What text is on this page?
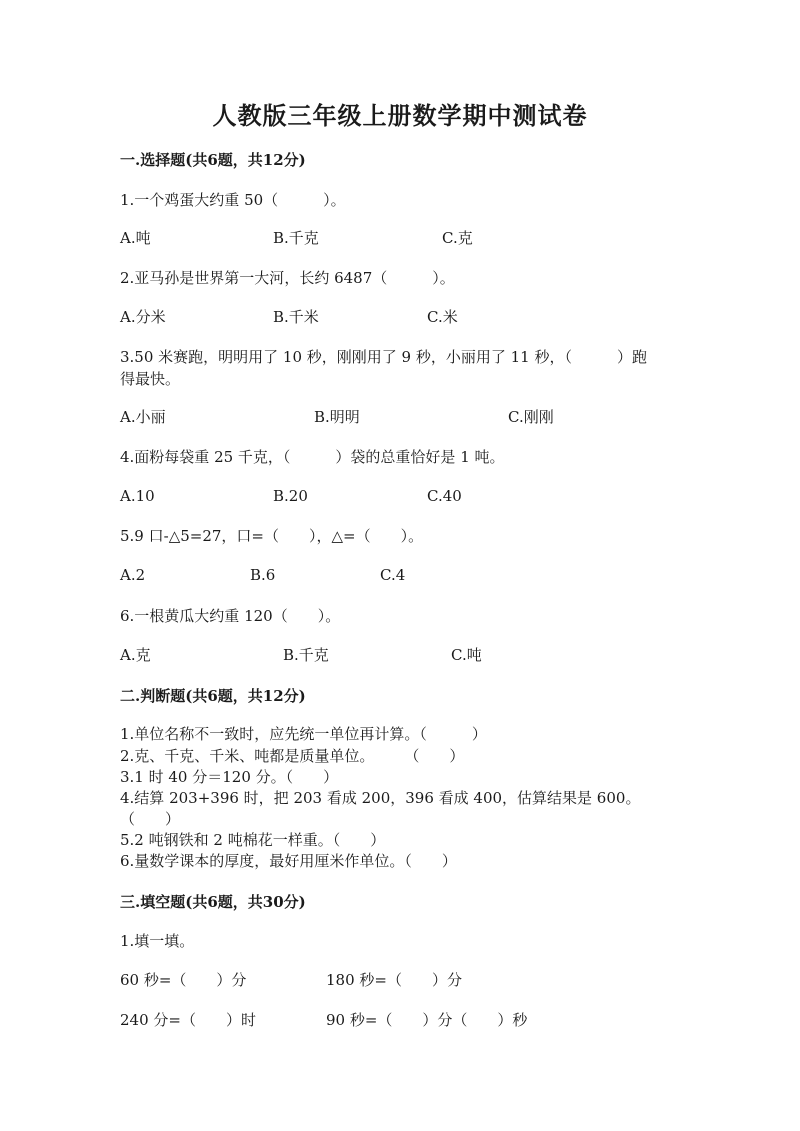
人教版三年级上册数学期中测试卷
一.选择题(共6题，共12分)
1.一个鸡蛋大约重 50（　　　）。
A.吨	B.千克	C.克
2.亚马孙是世界第一大河，长约 6487（　　　）。
A.分米	B.千米	C.米
3.50 米赛跑，明明用了 10 秒，刚刚用了 9 秒，小丽用了 11 秒，（　　　）跑
得最快。
A.小丽	B.明明	C.刚刚
4.面粉每袋重 25 千克，（　　　）袋的总重恰好是 1 吨。
A.10	B.20	C.40
5.9 口-△5=27，口=（　　），△=（　　）。
A.2	B.6	C.4
6.一根黄瓜大约重 120（　　）。
A.克	B.千克	C.吨
二.判断题(共6题，共12分)
1.单位名称不一致时，应先统一单位再计算。（　　　）
2.克、千克、千米、吨都是质量单位。　　　（　　）
3.1 时 40 分＝120 分。（　　）
4.结算 203+396 时，把 203 看成 200，396 看成 400，估算结果是 600。
（　　）
5.2 吨钢铁和 2 吨棉花一样重。（　　）
6.量数学课本的厚度，最好用厘米作单位。（　　）
三.填空题(共6题，共30分)
1.填一填。
60 秒=（　　）分	180 秒=（　　）分
240 分=（　　）时	90 秒=（　　）分（　　）秒
